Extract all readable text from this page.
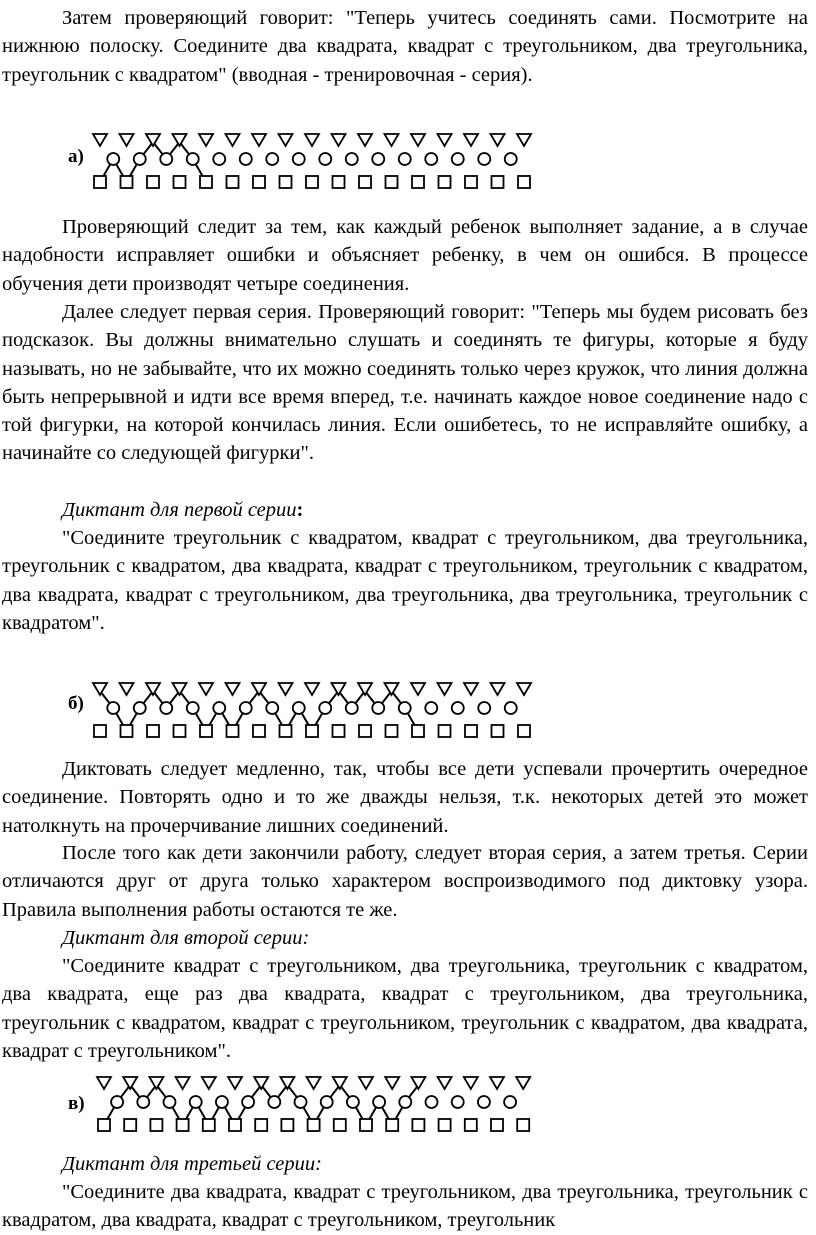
Затем проверяющий говорит: "Теперь учитесь соединять сами. Посмотрите на нижнюю полоску. Соедините два квадрата, квадрат с треугольником, два треугольника, треугольник с квадратом" (вводная - тренировочная - серия).

а)

Проверяющий следит за тем, как каждый ребенок выполняет задание, а в случае надобности исправляет ошибки и объясняет ребенку, в чем он ошибся. В процессе обучения дети производят четыре соединения.

Далее следует первая серия. Проверяющий говорит: "Теперь мы будем рисовать без подсказок. Вы должны внимательно слушать и соединять те фигуры, которые я буду называть, но не забывайте, что их можно соединять только через кружок, что линия должна быть непрерывной и идти все время вперед, т.е. начинать каждое новое соединение надо с той фигурки, на которой кончилась линия. Если ошибетесь, то не исправляйте ошибку, а начинайте со следующей фигурки".

Диктант для первой серии:

"Соедините треугольник с квадратом, квадрат с треугольником, два треугольника, треугольник с квадратом, два квадрата, квадрат с треугольником, треугольник с квадратом, два квадрата, квадрат с треугольником, два треугольника, два треугольника, треугольник с квадратом".

б)

Диктовать следует медленно, так, чтобы все дети успевали прочертить очередное соединение. Повторять одно и то же дважды нельзя, т.к. некоторых детей это может натолкнуть на прочерчивание лишних соединений.

После того как дети закончили работу, следует вторая серия, а затем третья. Серии отличаются друг от друга только характером воспроизводимого под диктовку узора. Правила выполнения работы остаются те же.

Диктант для второй серии:

"Соедините квадрат с треугольником, два треугольника, треугольник с квадратом, два квадрата, еще раз два квадрата, квадрат с треугольником, два треугольника, треугольник с квадратом, квадрат с треугольником, треугольник с квадратом, два квадрата, квадрат с треугольником".

в)

Диктант для третьей серии:

"Соедините два квадрата, квадрат с треугольником, два треугольника, треугольник с квадратом, два квадрата, квадрат с треугольником, треугольник
